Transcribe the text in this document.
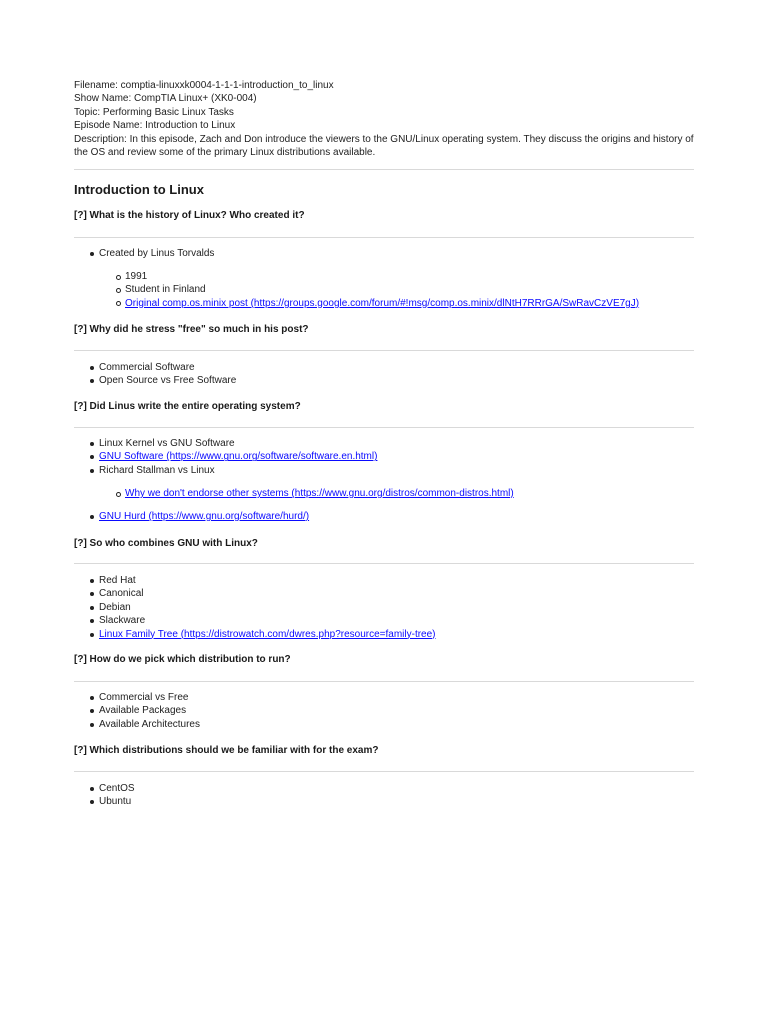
Filename: comptia-linuxxk0004-1-1-1-introduction_to_linux

Show Name: CompTIA Linux+ (XK0-004)

Topic: Performing Basic Linux Tasks

Episode Name: Introduction to Linux

Description: In this episode, Zach and Don introduce the viewers to the GNU/Linux operating system. They discuss the origins and history of the OS and review some of the primary Linux distributions available.

Introduction to Linux
[?] What is the history of Linux? Who created it?
Created by Linus Torvalds
1991
Student in Finland
Original comp.os.minix post (https://groups.google.com/forum/#!msg/comp.os.minix/dlNtH7RRrGA/SwRavCzVE7gJ)
[?] Why did he stress "free" so much in his post?
Commercial Software
Open Source vs Free Software
[?] Did Linus write the entire operating system?
Linux Kernel vs GNU Software
GNU Software (https://www.gnu.org/software/software.en.html)
Richard Stallman vs Linux
Why we don't endorse other systems (https://www.gnu.org/distros/common-distros.html)
GNU Hurd (https://www.gnu.org/software/hurd/)
[?] So who combines GNU with Linux?
Red Hat
Canonical
Debian
Slackware
Linux Family Tree (https://distrowatch.com/dwres.php?resource=family-tree)
[?] How do we pick which distribution to run?
Commercial vs Free
Available Packages
Available Architectures
[?] Which distributions should we be familiar with for the exam?
CentOS
Ubuntu
